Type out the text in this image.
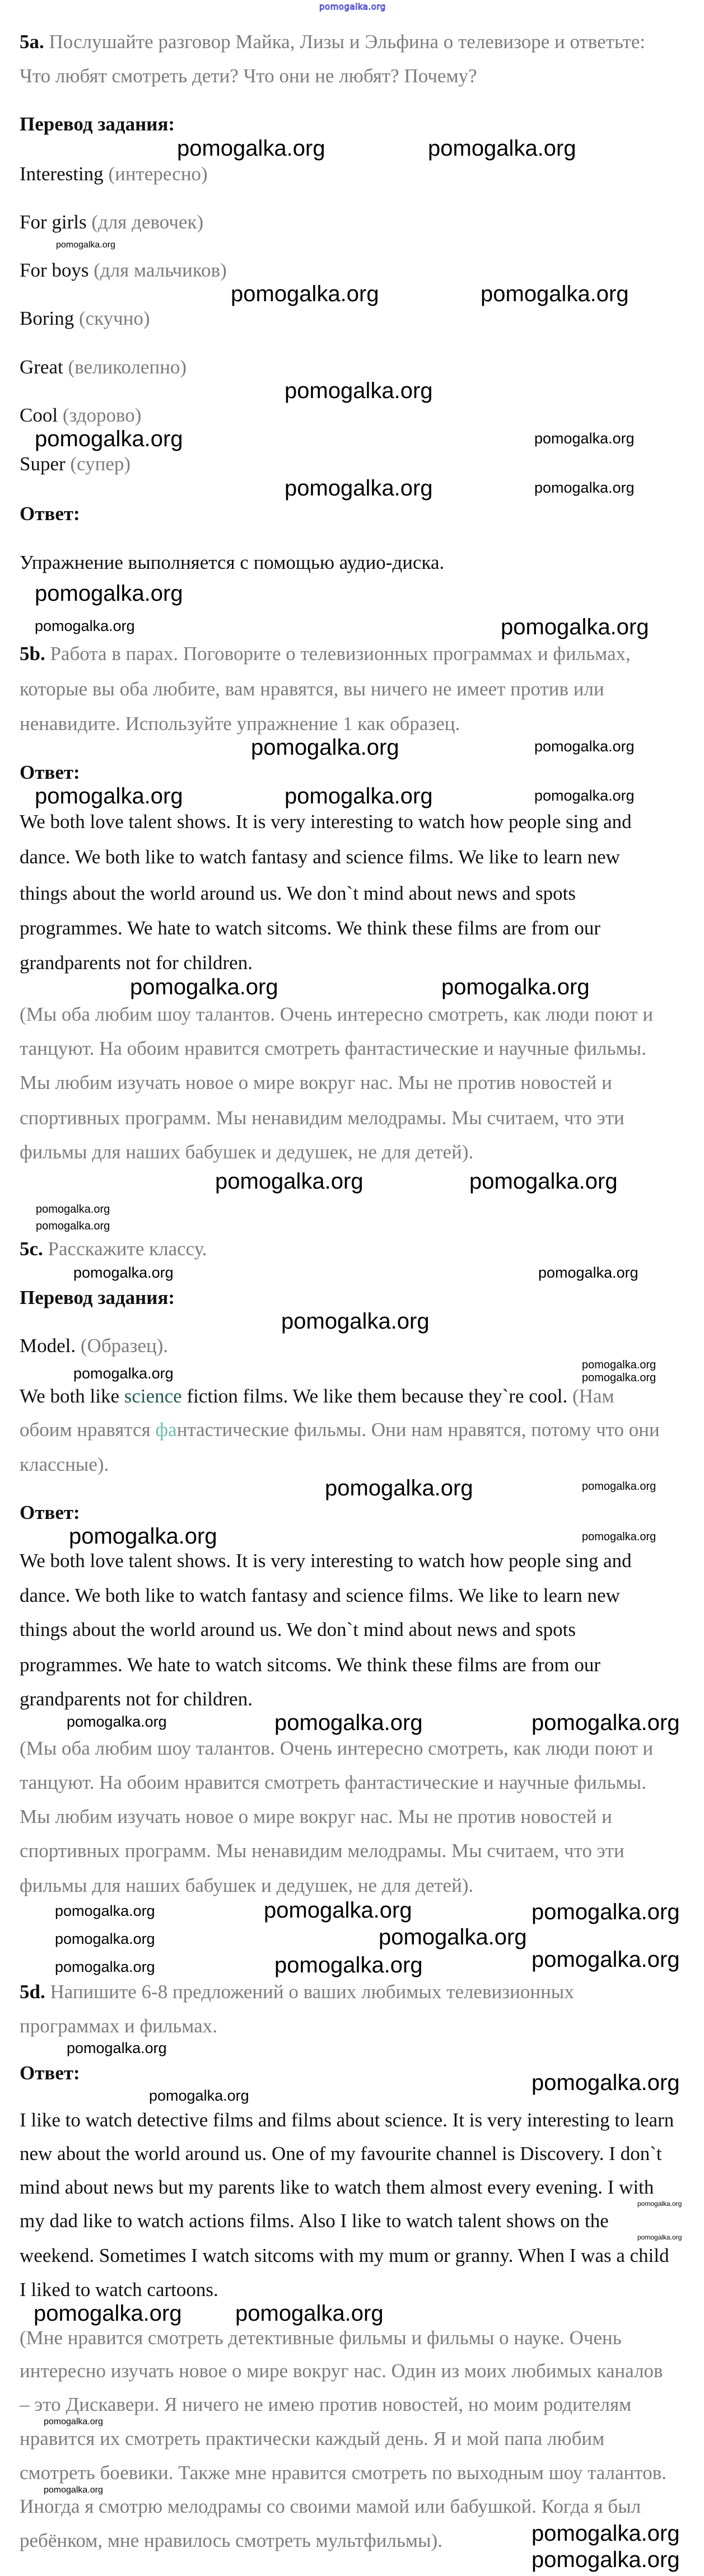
pomogalka.org
5a. Послушайте разговор Майка, Лизы и Эльфина о телевизоре и ответьте:
Что любят смотреть дети? Что они не любят? Почему?
Перевод задания:
Interesting (интересно)
For girls (для девочек)
For boys (для мальчиков)
Boring (скучно)
Great (великолепно)
Cool (здорово)
Super (супер)
Ответ:
Упражнение выполняется с помощью аудио-диска.
5b. Работа в парах. Поговорите о телевизионных программах и фильмах,
которые вы оба любите, вам нравятся, вы ничего не имеет против или
ненавидите. Используйте упражнение 1 как образец.
Ответ:
We both love talent shows. It is very interesting to watch how people sing and
dance. We both like to watch fantasy and science films. We like to learn new
things about the world around us. We don`t mind about news and spots
programmes. We hate to watch sitcoms. We think these films are from our
grandparents not for children.
(Мы оба любим шоу талантов. Очень интересно смотреть, как люди поют и
танцуют. На обоим нравится смотреть фантастические и научные фильмы.
Мы любим изучать новое о мире вокруг нас. Мы не против новостей и
спортивных программ. Мы ненавидим мелодрамы. Мы считаем, что эти
фильмы для наших бабушек и дедушек, не для детей).
5c. Расскажите классу.
Перевод задания:
Model. (Образец).
We both like science fiction films. We like them because they`re cool. (Нам
обоим нравятся фантастические фильмы. Они нам нравятся, потому что они
классные).
Ответ:
We both love talent shows. It is very interesting to watch how people sing and
dance. We both like to watch fantasy and science films. We like to learn new
things about the world around us. We don`t mind about news and spots
programmes. We hate to watch sitcoms. We think these films are from our
grandparents not for children.
(Мы оба любим шоу талантов. Очень интересно смотреть, как люди поют и
танцуют. На обоим нравится смотреть фантастические и научные фильмы.
Мы любим изучать новое о мире вокруг нас. Мы не против новостей и
спортивных программ. Мы ненавидим мелодрамы. Мы считаем, что эти
фильмы для наших бабушек и дедушек, не для детей).
5d. Напишите 6-8 предложений о ваших любимых телевизионных
программах и фильмах.
Ответ:
I like to watch detective films and films about science. It is very interesting to learn
new about the world around us. One of my favourite channel is Discovery. I don`t
mind about news but my parents like to watch them almost every evening. I with
my dad like to watch actions films. Also I like to watch talent shows on the
weekend. Sometimes I watch sitcoms with my mum or granny. When I was a child
I liked to watch cartoons.
(Мне нравится смотреть детективные фильмы и фильмы о науке. Очень
интересно изучать новое о мире вокруг нас. Один из моих любимых каналов
– это Дискавери. Я ничего не имею против новостей, но моим родителям
нравится их смотреть практически каждый день. Я и мой папа любим
смотреть боевики. Также мне нравится смотреть по выходным шоу талантов.
Иногда я смотрю мелодрамы со своими мамой или бабушкой. Когда я был
ребёнком, мне нравилось смотреть мультфильмы).
pomogalka.org	pomogalka.org
pomogalka.org
pomogalka.org	pomogalka.org
pomogalka.org
pomogalka.org	pomogalka.org
pomogalka.org	pomogalka.org
pomogalka.org
pomogalka.org
pomogalka.org
pomogalka.org	pomogalka.org
pomogalka.org	pomogalka.org	pomogalka.org
pomogalka.org	pomogalka.org
pomogalka.org	pomogalka.org
pomogalka.org
pomogalka.org
pomogalka.org
pomogalka.org
pomogalka.org
pomogalka.org
pomogalka.org	pomogalka.org
pomogalka.org	pomogalka.org
pomogalka.org	pomogalka.org
pomogalka.org	pomogalka.org
pomogalka.org
pomogalka.org	pomogalka.org
pomogalka.org
pomogalka.org
pomogalka.org
pomogalka.org
pomogalka.org
pomogalka.org
pomogalka.org
pomogalka.org
pomogalka.org
pomogalka.org
pomogalka.org
pomogalka.org pomogalka.org
pomogalka.org
pomogalka.org
pomogalka.org
pomogalka.org
